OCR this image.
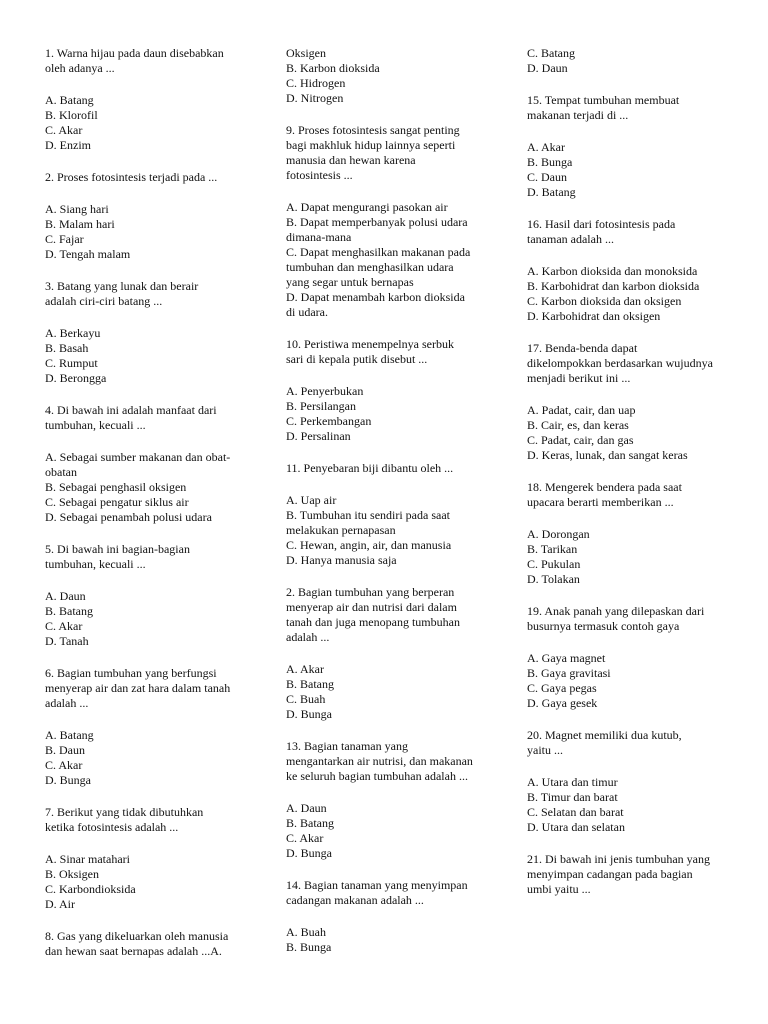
1. Warna hijau pada daun disebabkan
oleh adanya ...
A. Batang
B. Klorofil
C. Akar
D. Enzim
2. Proses fotosintesis terjadi pada ...
A. Siang hari
B. Malam hari
C. Fajar
D. Tengah malam
3. Batang yang lunak dan berair
adalah ciri-ciri batang ...
A. Berkayu
B. Basah
C. Rumput
D. Berongga
4. Di bawah ini adalah manfaat dari
tumbuhan, kecuali ...
A. Sebagai sumber makanan dan obat-
obatan
B. Sebagai penghasil oksigen
C. Sebagai pengatur siklus air
D. Sebagai penambah polusi udara
5. Di bawah ini bagian-bagian
tumbuhan, kecuali ...
A. Daun
B. Batang
C. Akar
D. Tanah
6. Bagian tumbuhan yang berfungsi
menyerap air dan zat hara dalam tanah
adalah ...
A. Batang
B. Daun
C. Akar
D. Bunga
7. Berikut yang tidak dibutuhkan
ketika fotosintesis adalah ...
A. Sinar matahari
B. Oksigen
C. Karbondioksida
D. Air
8. Gas yang dikeluarkan oleh manusia
dan hewan saat bernapas adalah ...A.
Oksigen
B. Karbon dioksida
C. Hidrogen
D. Nitrogen
9. Proses fotosintesis sangat penting
bagi makhluk hidup lainnya seperti
manusia dan hewan karena
fotosintesis ...
A. Dapat mengurangi pasokan air
B. Dapat memperbanyak polusi udara
dimana-mana
C. Dapat menghasilkan makanan pada
tumbuhan dan menghasilkan udara
yang segar untuk bernapas
D. Dapat menambah karbon dioksida
di udara.
10. Peristiwa menempelnya serbuk
sari di kepala putik disebut ...
A. Penyerbukan
B. Persilangan
C. Perkembangan
D. Persalinan
11. Penyebaran biji dibantu oleh ...
A. Uap air
B. Tumbuhan itu sendiri pada saat
melakukan pernapasan
C. Hewan, angin, air, dan manusia
D. Hanya manusia saja
2. Bagian tumbuhan yang berperan
menyerap air dan nutrisi dari dalam
tanah dan juga menopang tumbuhan
adalah ...
A. Akar
B. Batang
C. Buah
D. Bunga
13. Bagian tanaman yang
mengantarkan air nutrisi, dan makanan
ke seluruh bagian tumbuhan adalah ...
A. Daun
B. Batang
C. Akar
D. Bunga
14. Bagian tanaman yang menyimpan
cadangan makanan adalah ...
A. Buah
B. Bunga
C. Batang
D. Daun
15. Tempat tumbuhan membuat
makanan terjadi di ...
A. Akar
B. Bunga
C. Daun
D. Batang
16. Hasil dari fotosintesis pada
tanaman adalah ...
A. Karbon dioksida dan monoksida
B. Karbohidrat dan karbon dioksida
C. Karbon dioksida dan oksigen
D. Karbohidrat dan oksigen
17. Benda-benda dapat
dikelompokkan berdasarkan wujudnya
menjadi berikut ini ...
A. Padat, cair, dan uap
B. Cair, es, dan keras
C. Padat, cair, dan gas
D. Keras, lunak, dan sangat keras
18. Mengerek bendera pada saat
upacara berarti memberikan ...
A. Dorongan
B. Tarikan
C. Pukulan
D. Tolakan
19. Anak panah yang dilepaskan dari
busurnya termasuk contoh gaya
A. Gaya magnet
B. Gaya gravitasi
C. Gaya pegas
D. Gaya gesek
20. Magnet memiliki dua kutub,
yaitu ...
A. Utara dan timur
B. Timur dan barat
C. Selatan dan barat
D. Utara dan selatan
21. Di bawah ini jenis tumbuhan yang
menyimpan cadangan pada bagian
umbi yaitu ...
